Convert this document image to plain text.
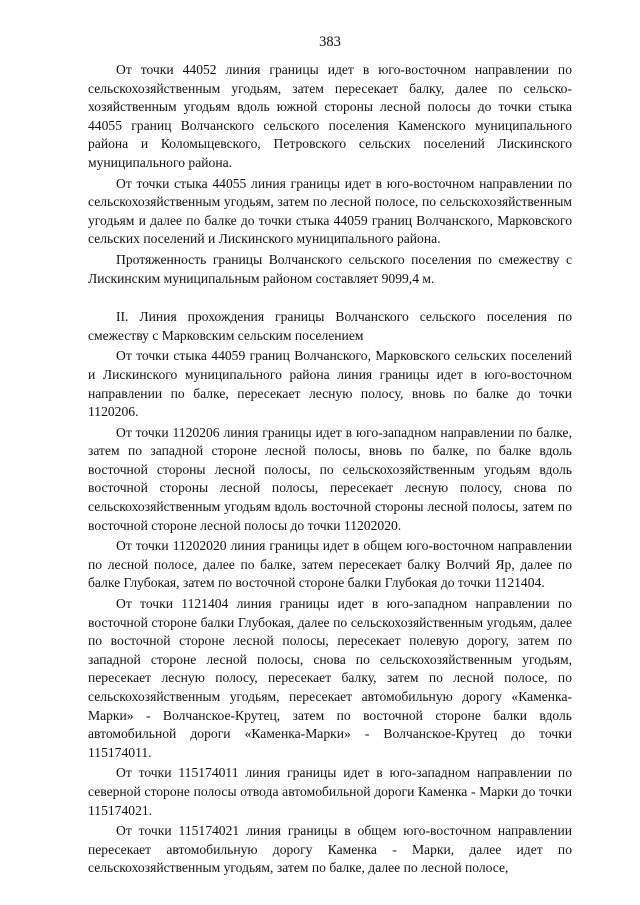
383

От точки 44052 линия границы идет в юго-восточном направлении по сельскохозяйственным угодьям, затем пересекает балку, далее по сельскохозяйственным угодьям вдоль южной стороны лесной полосы до точки стыка 44055 границ Волчанского сельского поселения Каменского муниципального района и Коломыцевского, Петровского сельских поселений Лискинского муниципального района.

От точки стыка 44055 линия границы идет в юго-восточном направлении по сельскохозяйственным угодьям, затем по лесной полосе, по сельскохозяйственным угодьям и далее по балке до точки стыка 44059 границ Волчанского, Марковского сельских поселений и Лискинского муниципального района.

Протяженность границы Волчанского сельского поселения по смежеству с Лискинским муниципальным районом составляет 9099,4 м.

II. Линия прохождения границы Волчанского сельского поселения по смежеству с Марковским сельским поселением

От точки стыка 44059 границ Волчанского, Марковского сельских поселений и Лискинского муниципального района линия границы идет в юго-восточном направлении по балке, пересекает лесную полосу, вновь по балке до точки 1120206.

От точки 1120206 линия границы идет в юго-западном направлении по балке, затем по западной стороне лесной полосы, вновь по балке, по балке вдоль восточной стороны лесной полосы, по сельскохозяйственным угодьям вдоль восточной стороны лесной полосы, пересекает лесную полосу, снова по сельскохозяйственным угодьям вдоль восточной стороны лесной полосы, затем по восточной стороне лесной полосы до точки 11202020.

От точки 11202020 линия границы идет в общем юго-восточном направлении по лесной полосе, далее по балке, затем пересекает балку Волчий Яр, далее по балке Глубокая, затем по восточной стороне балки Глубокая до точки 1121404.

От точки 1121404 линия границы идет в юго-западном направлении по восточной стороне балки Глубокая, далее по сельскохозяйственным угодьям, далее по восточной стороне лесной полосы, пересекает полевую дорогу, затем по западной стороне лесной полосы, снова по сельскохозяйственным угодьям, пересекает лесную полосу, пересекает балку, затем по лесной полосе, по сельскохозяйственным угодьям, пересекает автомобильную дорогу «Каменка-Марки» - Волчанское-Крутец, затем по восточной стороне балки вдоль автомобильной дороги «Каменка-Марки» - Волчанское-Крутец до точки 115174011.

От точки 115174011 линия границы идет в юго-западном направлении по северной стороне полосы отвода автомобильной дороги Каменка - Марки до точки 115174021.

От точки 115174021 линия границы в общем юго-восточном направлении пересекает автомобильную дорогу Каменка - Марки, далее идет по сельскохозяйственным угодьям, затем по балке, далее по лесной полосе,
